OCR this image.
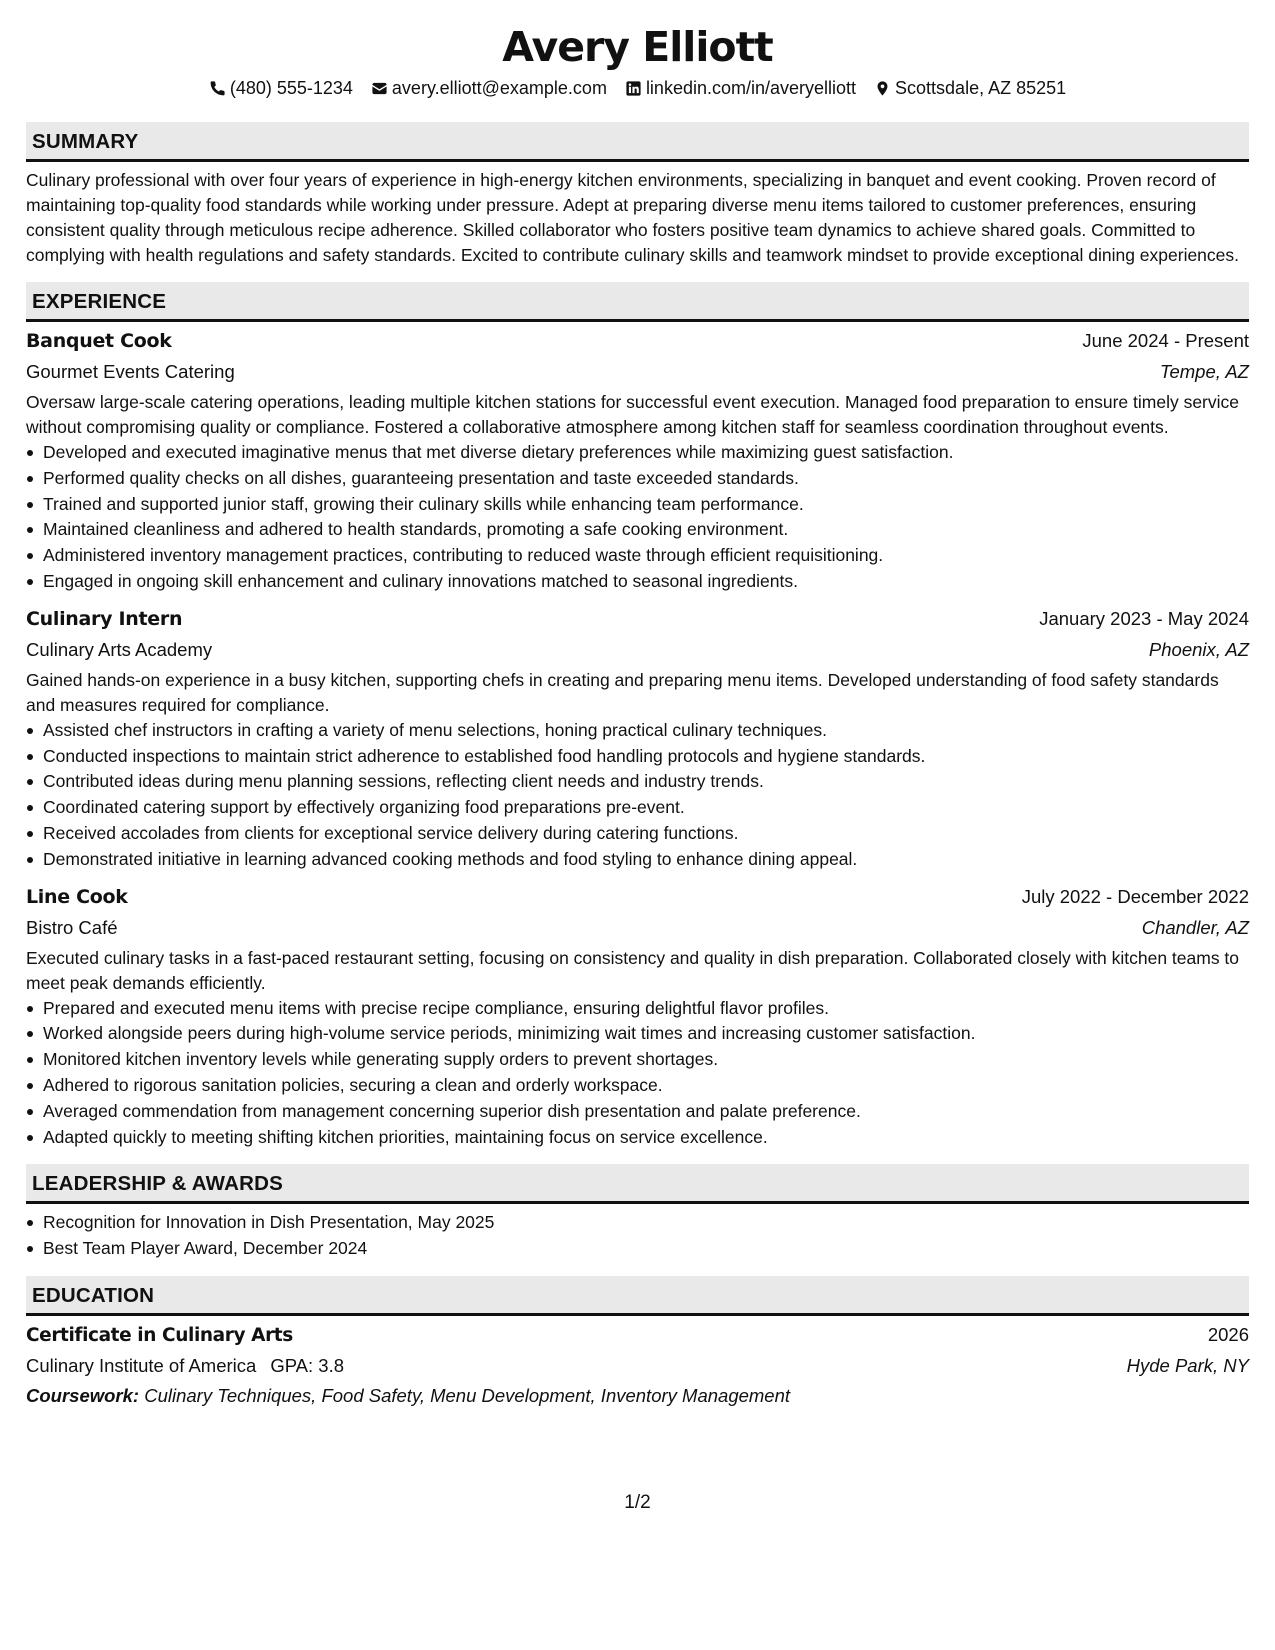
Avery Elliott
(480) 555-1234 avery.elliott@example.com linkedin.com/in/averyelliott Scottsdale, AZ 85251
SUMMARY

Culinary professional with over four years of experience in high-energy kitchen environments, specializing in banquet and event cooking. Proven record of maintaining top-quality food standards while working under pressure. Adept at preparing diverse menu items tailored to customer preferences, ensuring consistent quality through meticulous recipe adherence. Skilled collaborator who fosters positive team dynamics to achieve shared goals. Committed to complying with health regulations and safety standards. Excited to contribute culinary skills and teamwork mindset to provide exceptional dining experiences.

EXPERIENCE
Banquet Cook	June 2024 - Present
Gourmet Events Catering	Tempe, AZ

Oversaw large-scale catering operations, leading multiple kitchen stations for successful event execution. Managed food preparation to ensure timely service without compromising quality or compliance. Fostered a collaborative atmosphere among kitchen staff for seamless coordination throughout events.

Developed and executed imaginative menus that met diverse dietary preferences while maximizing guest satisfaction.
Performed quality checks on all dishes, guaranteeing presentation and taste exceeded standards.
Trained and supported junior staff, growing their culinary skills while enhancing team performance.
Maintained cleanliness and adhered to health standards, promoting a safe cooking environment.
Administered inventory management practices, contributing to reduced waste through efficient requisitioning.
Engaged in ongoing skill enhancement and culinary innovations matched to seasonal ingredients.
Culinary Intern	January 2023 - May 2024
Culinary Arts Academy	Phoenix, AZ

Gained hands-on experience in a busy kitchen, supporting chefs in creating and preparing menu items. Developed understanding of food safety standards and measures required for compliance.

Assisted chef instructors in crafting a variety of menu selections, honing practical culinary techniques.
Conducted inspections to maintain strict adherence to established food handling protocols and hygiene standards.
Contributed ideas during menu planning sessions, reflecting client needs and industry trends.
Coordinated catering support by effectively organizing food preparations pre-event.
Received accolades from clients for exceptional service delivery during catering functions.
Demonstrated initiative in learning advanced cooking methods and food styling to enhance dining appeal.
Line Cook	July 2022 - December 2022
Bistro Café	Chandler, AZ

Executed culinary tasks in a fast-paced restaurant setting, focusing on consistency and quality in dish preparation. Collaborated closely with kitchen teams to meet peak demands efficiently.

Prepared and executed menu items with precise recipe compliance, ensuring delightful flavor profiles.
Worked alongside peers during high-volume service periods, minimizing wait times and increasing customer satisfaction.
Monitored kitchen inventory levels while generating supply orders to prevent shortages.
Adhered to rigorous sanitation policies, securing a clean and orderly workspace.
Averaged commendation from management concerning superior dish presentation and palate preference.
Adapted quickly to meeting shifting kitchen priorities, maintaining focus on service excellence.
LEADERSHIP & AWARDS
Recognition for Innovation in Dish Presentation, May 2025
Best Team Player Award, December 2024
EDUCATION
Certificate in Culinary Arts	2026
Culinary Institute of America GPA: 3.8	Hyde Park, NY
Coursework: Culinary Techniques, Food Safety, Menu Development, Inventory Management
1/2
